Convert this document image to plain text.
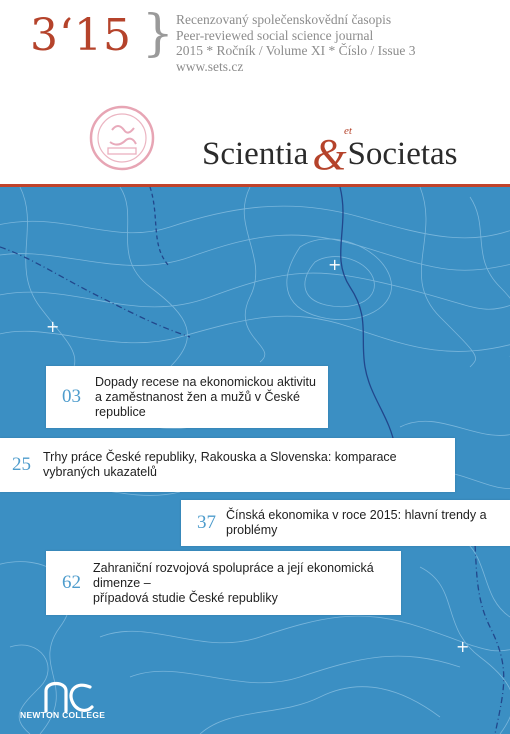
3‘15 } Recenzovaný společenskovědní časopis
Peer-reviewed social science journal
2015 * Ročník / Volume XI * Číslo / Issue 3
www.sets.cz
Scientia&
et
Societas
+
+
+
03
Dopady recese na ekonomickou aktivitu
a zaměstnanost žen a mužů v České republice
25 Trhy práce České republiky, Rakouska a Slovenska: komparace vybraných ukazatelů
37 Čínská ekonomika v roce 2015: hlavní trendy a problémy
62
Zahraniční rozvojová spolupráce a její ekonomická dimenze –
případová studie České republiky
NEWTON COLLEGE
